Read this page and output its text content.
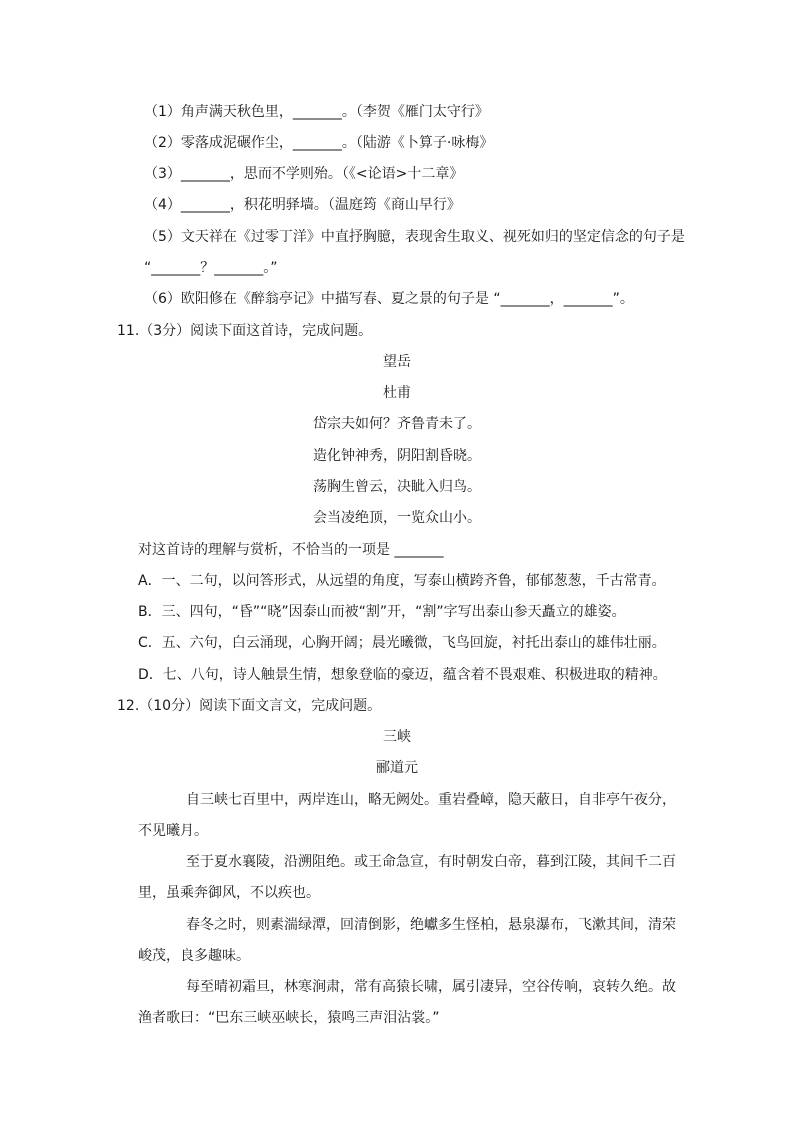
（1）角声满天秋色里，_______。（李贺《雁门太守行》
（2）零落成泥碾作尘，_______。（陆游《卜算子·咏梅》
（3）_______，思而不学则殆。（《<论语>十二章》
（4）_______，积花明驿墙。（温庭筠《商山早行》
（5）文天祥在《过零丁洋》中直抒胸臆，表现舍生取义、视死如归的坚定信念的句子是
“_______？_______。”
（6）欧阳修在《醉翁亭记》中描写春、夏之景的句子是 “_______，_______”。
11.（3分）阅读下面这首诗，完成问题。
望岳
杜甫
岱宗夫如何？齐鲁青未了。
造化钟神秀，阴阳割昏晓。
荡胸生曾云，决眦入归鸟。
会当凌绝顶，一览众山小。
对这首诗的理解与赏析，不恰当的一项是 _______
A．一、二句，以问答形式，从远望的角度，写泰山横跨齐鲁，郁郁葱葱，千古常青。
B．三、四句，“昏”“晓”因泰山而被“割”开，“割”字写出泰山参天矗立的雄姿。
C．五、六句，白云涌现，心胸开阔；晨光曦微，飞鸟回旋，衬托出泰山的雄伟壮丽。
D．七、八句，诗人触景生情，想象登临的豪迈，蕴含着不畏艰难、积极进取的精神。
12.（10分）阅读下面文言文，完成问题。
三峡
郦道元
自三峡七百里中，两岸连山，略无阙处。重岩叠嶂，隐天蔽日，自非亭午夜分，
不见曦月。
至于夏水襄陵，沿溯阻绝。或王命急宣，有时朝发白帝，暮到江陵，其间千二百
里，虽乘奔御风，不以疾也。
春冬之时，则素湍绿潭，回清倒影，绝巘多生怪柏，悬泉瀑布，飞漱其间，清荣
峻茂，良多趣味。
每至晴初霜旦，林寒涧肃，常有高猿长啸，属引凄异，空谷传响，哀转久绝。故
渔者歌曰：“巴东三峡巫峡长，猿鸣三声泪沾裳。”
